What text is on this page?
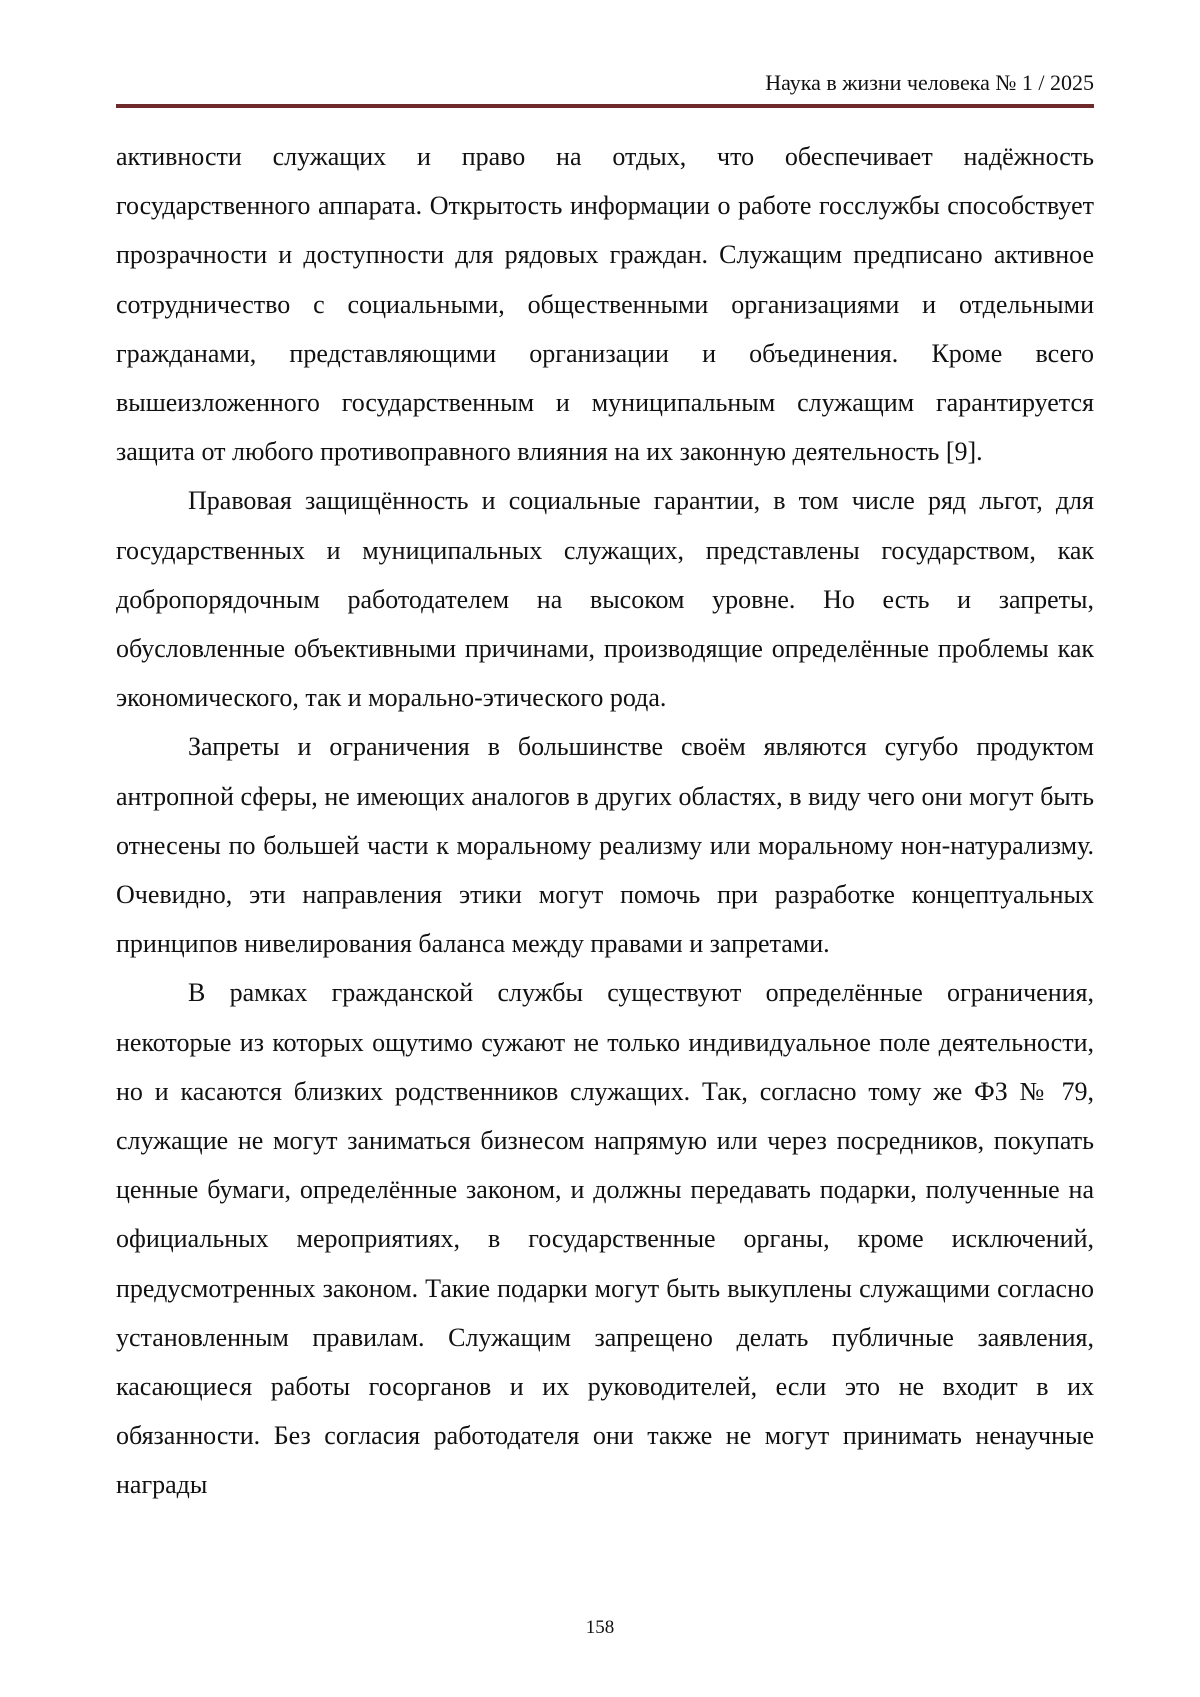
Наука в жизни человека № 1 / 2025

активности служащих и право на отдых, что обеспечивает надёжность государственного аппарата. Открытость информации о работе госслужбы способствует прозрачности и доступности для рядовых граждан. Служащим предписано активное сотрудничество с социальными, общественными организациями и отдельными гражданами, представляющими организации и объединения. Кроме всего вышеизложенного государственным и муниципальным служащим гарантируется защита от любого противоправного влияния на их законную деятельность [9].

Правовая защищённость и социальные гарантии, в том числе ряд льгот, для государственных и муниципальных служащих, представлены государством, как добропорядочным работодателем на высоком уровне. Но есть и запреты, обусловленные объективными причинами, производящие определённые проблемы как экономического, так и морально-этического рода.

Запреты и ограничения в большинстве своём являются сугубо продуктом антропной сферы, не имеющих аналогов в других областях, в виду чего они могут быть отнесены по большей части к моральному реализму или моральному нон-натурализму. Очевидно, эти направления этики могут помочь при разработке концептуальных принципов нивелирования баланса между правами и запретами.

В рамках гражданской службы существуют определённые ограничения, некоторые из которых ощутимо сужают не только индивидуальное поле деятельности, но и касаются близких родственников служащих. Так, согласно тому же ФЗ № 79, служащие не могут заниматься бизнесом напрямую или через посредников, покупать ценные бумаги, определённые законом, и должны передавать подарки, полученные на официальных мероприятиях, в государственные органы, кроме исключений, предусмотренных законом. Такие подарки могут быть выкуплены служащими согласно установленным правилам. Служащим запрещено делать публичные заявления, касающиеся работы госорганов и их руководителей, если это не входит в их обязанности. Без согласия работодателя они также не могут принимать ненаучные награды

158
